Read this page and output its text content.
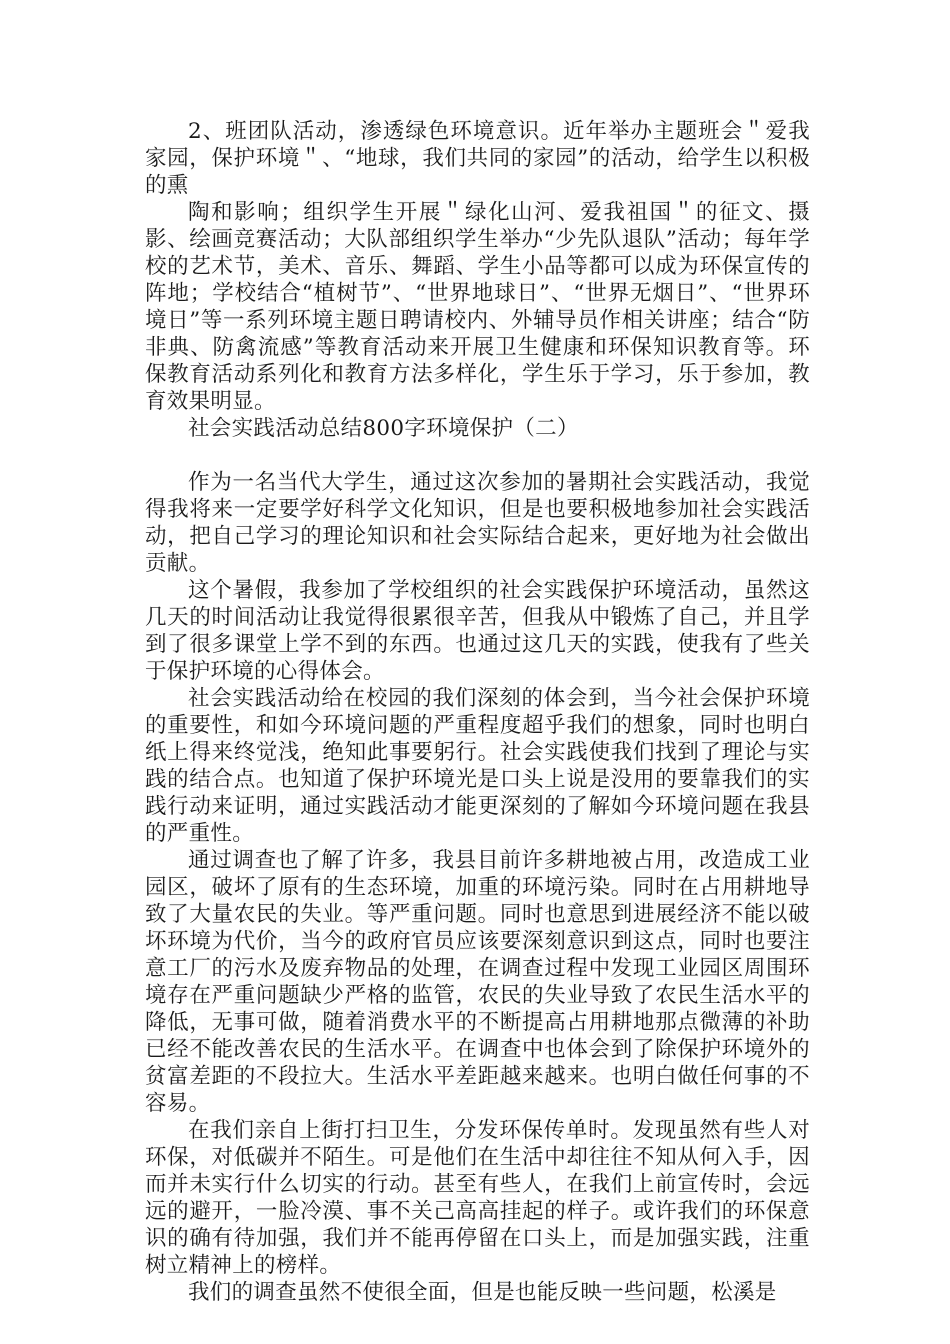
2、班团队活动，渗透绿色环境意识。近年举办主题班会＂爱我家园，保护环境＂、“地球，我们共同的家园”的活动，给学生以积极的熏

陶和影响；组织学生开展＂绿化山河、爱我祖国＂的征文、摄影、绘画竞赛活动；大队部组织学生举办“少先队退队”活动；每年学校的艺术节，美术、音乐、舞蹈、学生小品等都可以成为环保宣传的阵地；学校结合“植树节”、“世界地球日”、“世界无烟日”、“世界环境日”等一系列环境主题日聘请校内、外辅导员作相关讲座；结合“防非典、防禽流感”等教育活动来开展卫生健康和环保知识教育等。环保教育活动系列化和教育方法多样化，学生乐于学习，乐于参加，教育效果明显。

社会实践活动总结800字环境保护（二）

作为一名当代大学生，通过这次参加的暑期社会实践活动，我觉得我将来一定要学好科学文化知识，但是也要积极地参加社会实践活动，把自己学习的理论知识和社会实际结合起来，更好地为社会做出贡献。

这个暑假，我参加了学校组织的社会实践保护环境活动，虽然这几天的时间活动让我觉得很累很辛苦，但我从中锻炼了自己，并且学到了很多课堂上学不到的东西。也通过这几天的实践，使我有了些关于保护环境的心得体会。

社会实践活动给在校园的我们深刻的体会到，当今社会保护环境的重要性，和如今环境问题的严重程度超乎我们的想象，同时也明白纸上得来终觉浅，绝知此事要躬行。社会实践使我们找到了理论与实践的结合点。也知道了保护环境光是口头上说是没用的要靠我们的实践行动来证明，通过实践活动才能更深刻的了解如今环境问题在我县的严重性。

通过调查也了解了许多，我县目前许多耕地被占用，改造成工业园区，破坏了原有的生态环境，加重的环境污染。同时在占用耕地导致了大量农民的失业。等严重问题。同时也意思到进展经济不能以破坏环境为代价，当今的政府官员应该要深刻意识到这点，同时也要注意工厂的污水及废弃物品的处理，在调查过程中发现工业园区周围环境存在严重问题缺少严格的监管，农民的失业导致了农民生活水平的降低，无事可做，随着消费水平的不断提高占用耕地那点微薄的补助已经不能改善农民的生活水平。在调查中也体会到了除保护环境外的贫富差距的不段拉大。生活水平差距越来越来。也明白做任何事的不容易。

在我们亲自上街打扫卫生，分发环保传单时。发现虽然有些人对环保，对低碳并不陌生。可是他们在生活中却往往不知从何入手，因而并未实行什么切实的行动。甚至有些人，在我们上前宣传时，会远远的避开，一脸冷漠、事不关己高高挂起的样子。或许我们的环保意识的确有待加强，我们并不能再停留在口头上，而是加强实践，注重树立精神上的榜样。

我们的调查虽然不使很全面，但是也能反映一些问题，松溪是
